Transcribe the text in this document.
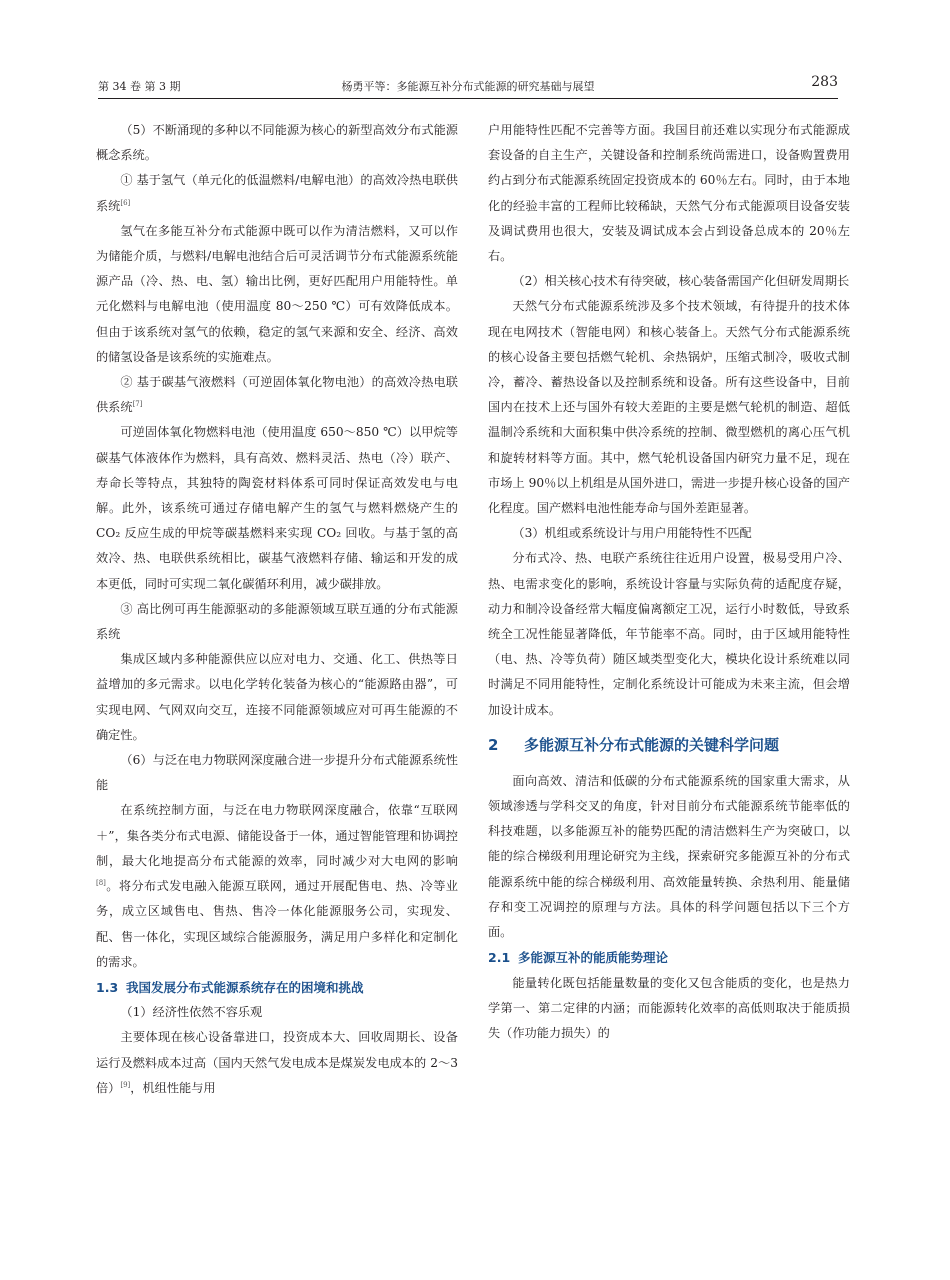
第 34 卷 第 3 期	杨勇平等：多能源互补分布式能源的研究基础与展望	283

（5）不断涌现的多种以不同能源为核心的新型高效分布式能源概念系统。

① 基于氢气（单元化的低温燃料/电解电池）的高效冷热电联供系统[6]

氢气在多能互补分布式能源中既可以作为清洁燃料，又可以作为储能介质，与燃料/电解电池结合后可灵活调节分布式能源系统能源产品（冷、热、电、氢）输出比例，更好匹配用户用能特性。单元化燃料与电解电池（使用温度 80～250 ℃）可有效降低成本。但由于该系统对氢气的依赖，稳定的氢气来源和安全、经济、高效的储氢设备是该系统的实施难点。

② 基于碳基气液燃料（可逆固体氧化物电池）的高效冷热电联供系统[7]

可逆固体氧化物燃料电池（使用温度 650～850 ℃）以甲烷等碳基气体液体作为燃料，具有高效、燃料灵活、热电（冷）联产、寿命长等特点，其独特的陶瓷材料体系可同时保证高效发电与电解。此外，该系统可通过存储电解产生的氢气与燃料燃烧产生的 CO₂ 反应生成的甲烷等碳基燃料来实现 CO₂ 回收。与基于氢的高效冷、热、电联供系统相比，碳基气液燃料存储、输运和开发的成本更低，同时可实现二氧化碳循环利用，减少碳排放。

③ 高比例可再生能源驱动的多能源领域互联互通的分布式能源系统

集成区域内多种能源供应以应对电力、交通、化工、供热等日益增加的多元需求。以电化学转化装备为核心的“能源路由器”，可实现电网、气网双向交互，连接不同能源领域应对可再生能源的不确定性。

（6）与泛在电力物联网深度融合进一步提升分布式能源系统性能

在系统控制方面，与泛在电力物联网深度融合，依靠“互联网＋”，集各类分布式电源、储能设备于一体，通过智能管理和协调控制，最大化地提高分布式能源的效率，同时减少对大电网的影响[8]。将分布式发电融入能源互联网，通过开展配售电、热、冷等业务，成立区域售电、售热、售冷一体化能源服务公司，实现发、配、售一体化，实现区域综合能源服务，满足用户多样化和定制化的需求。

1.3 我国发展分布式能源系统存在的困境和挑战

（1）经济性依然不容乐观

主要体现在核心设备靠进口，投资成本大、回收周期长、设备运行及燃料成本过高（国内天然气发电成本是煤炭发电成本的 2～3 倍）[9]，机组性能与用

户用能特性匹配不完善等方面。我国目前还难以实现分布式能源成套设备的自主生产，关键设备和控制系统尚需进口，设备购置费用约占到分布式能源系统固定投资成本的 60％左右。同时，由于本地化的经验丰富的工程师比较稀缺，天然气分布式能源项目设备安装及调试费用也很大，安装及调试成本会占到设备总成本的 20％左右。

（2）相关核心技术有待突破，核心装备需国产化但研发周期长

天然气分布式能源系统涉及多个技术领域，有待提升的技术体现在电网技术（智能电网）和核心装备上。天然气分布式能源系统的核心设备主要包括燃气轮机、余热锅炉，压缩式制冷，吸收式制冷，蓄冷、蓄热设备以及控制系统和设备。所有这些设备中，目前国内在技术上还与国外有较大差距的主要是燃气轮机的制造、超低温制冷系统和大面积集中供冷系统的控制、微型燃机的离心压气机和旋转材料等方面。其中，燃气轮机设备国内研究力量不足，现在市场上 90％以上机组是从国外进口，需进一步提升核心设备的国产化程度。国产燃料电池性能寿命与国外差距显著。

（3）机组或系统设计与用户用能特性不匹配

分布式冷、热、电联产系统往往近用户设置，极易受用户冷、热、电需求变化的影响，系统设计容量与实际负荷的适配度存疑，动力和制冷设备经常大幅度偏离额定工况，运行小时数低，导致系统全工况性能显著降低，年节能率不高。同时，由于区域用能特性（电、热、冷等负荷）随区域类型变化大，模块化设计系统难以同时满足不同用能特性，定制化系统设计可能成为未来主流，但会增加设计成本。

2 多能源互补分布式能源的关键科学问题

面向高效、清洁和低碳的分布式能源系统的国家重大需求，从领域渗透与学科交叉的角度，针对目前分布式能源系统节能率低的科技难题，以多能源互补的能势匹配的清洁燃料生产为突破口，以能的综合梯级利用理论研究为主线，探索研究多能源互补的分布式能源系统中能的综合梯级利用、高效能量转换、余热利用、能量储存和变工况调控的原理与方法。具体的科学问题包括以下三个方面。

2.1 多能源互补的能质能势理论

能量转化既包括能量数量的变化又包含能质的变化，也是热力学第一、第二定律的内涵；而能源转化效率的高低则取决于能质损失（作功能力损失）的
